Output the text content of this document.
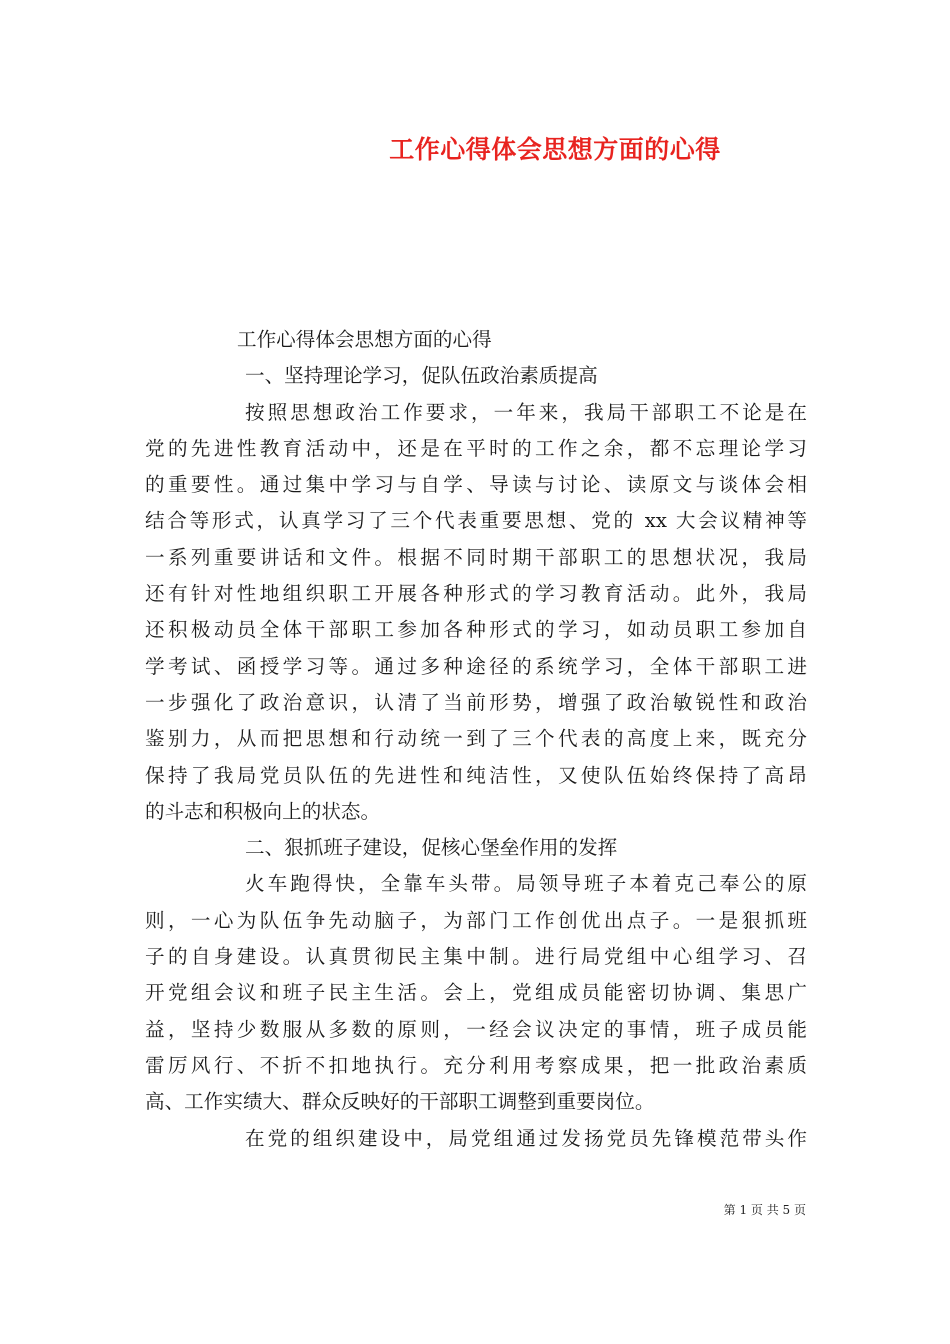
工作心得体会思想方面的心得

工作心得体会思想方面的心得

一、坚持理论学习，促队伍政治素质提高

按照思想政治工作要求，一年来，我局干部职工不论是在
党的先进性教育活动中，还是在平时的工作之余，都不忘理论学习
的重要性。通过集中学习与自学、导读与讨论、读原文与谈体会相
结合等形式，认真学习了三个代表重要思想、党的 xx 大会议精神等
一系列重要讲话和文件。根据不同时期干部职工的思想状况，我局
还有针对性地组织职工开展各种形式的学习教育活动。此外，我局
还积极动员全体干部职工参加各种形式的学习，如动员职工参加自
学考试、函授学习等。通过多种途径的系统学习，全体干部职工进
一步强化了政治意识，认清了当前形势，增强了政治敏锐性和政治
鉴别力，从而把思想和行动统一到了三个代表的高度上来，既充分
保持了我局党员队伍的先进性和纯洁性，又使队伍始终保持了高昂
的斗志和积极向上的状态。

二、狠抓班子建设，促核心堡垒作用的发挥

火车跑得快，全靠车头带。局领导班子本着克己奉公的原
则，一心为队伍争先动脑子，为部门工作创优出点子。一是狠抓班
子的自身建设。认真贯彻民主集中制。进行局党组中心组学习、召
开党组会议和班子民主生活。会上，党组成员能密切协调、集思广
益，坚持少数服从多数的原则，一经会议决定的事情，班子成员能
雷厉风行、不折不扣地执行。充分利用考察成果，把一批政治素质
高、工作实绩大、群众反映好的干部职工调整到重要岗位。
在党的组织建设中，局党组通过发扬党员先锋模范带头作
第 1 页 共 5 页
